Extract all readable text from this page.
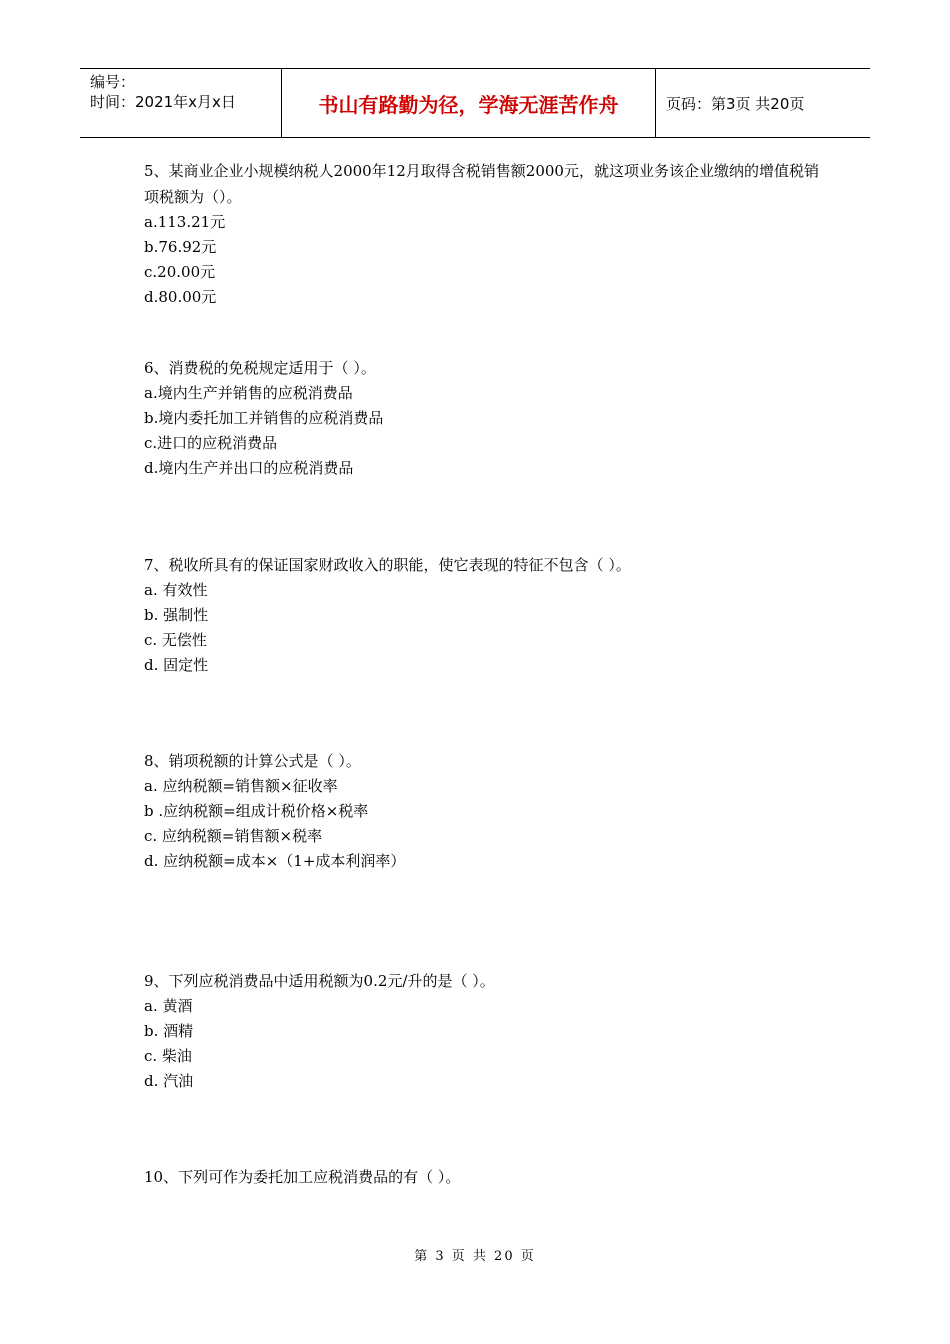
编号：
时间：2021年x月x日	书山有路勤为径，学海无涯苦作舟	页码：第3页 共20页

5、某商业企业小规模纳税人2000年12月取得含税销售额2000元，就这项业务该企业缴纳的增值税销项税额为（）。

a.113.21元

b.76.92元

c.20.00元

d.80.00元

6、消费税的免税规定适用于（ ）。

a.境内生产并销售的应税消费品

b.境内委托加工并销售的应税消费品

c.进口的应税消费品

d.境内生产并出口的应税消费品

7、税收所具有的保证国家财政收入的职能，使它表现的特征不包含（ ）。

a. 有效性

b. 强制性

c. 无偿性

d. 固定性

8、销项税额的计算公式是（ ）。

a. 应纳税额=销售额×征收率

b .应纳税额=组成计税价格×税率

c. 应纳税额=销售额×税率

d. 应纳税额=成本×（1+成本利润率）

9、下列应税消费品中适用税额为0.2元/升的是（ ）。

a. 黄酒

b. 酒精

c. 柴油

d. 汽油

10、下列可作为委托加工应税消费品的有（ ）。

第 3 页 共 20 页
